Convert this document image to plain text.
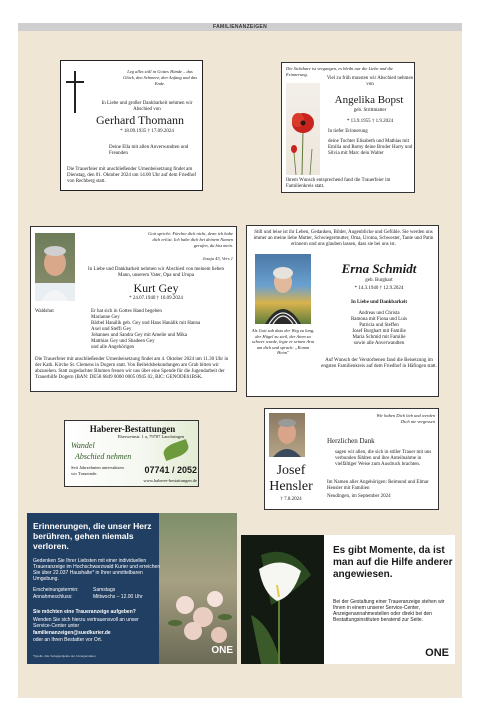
FAMILIENANZEIGEN
Leg alles still in Gottes Hände – das Glück, den Schmerz, den Anfang und das Ende.
In Liebe und großer Dankbarkeit nehmen wir Abschied von
Gerhard Thomann
* 18.09.1935 † 17.09.2024
Deine Ella mit allen Anverwandten und Freunden
Die Trauerfeier mit anschließender Urnenbeisetzung findet am Dienstag, den 01. Oktober 2024 um 14.00 Uhr auf dem Friedhof von Rechberg statt.
Die Sichtbare ist vergangen, es bleibt nur die Liebe und die Erinnerung.
Viel zu früh mussten wir Abschied nehmen von
Angelika Bopst
geb. Strittmatter
* 13.9.1955 † 1.9.2024
In tiefer Erinnerung
deine Tochter Elisabeth und Mathias mit Emilia und Romy deine Bruder Harry und Silvia mit Marc dein Walter
Ihrem Wunsch entsprechend fand die Trauerfeier im Familienkreis statt.
Gott spricht: Fürchte dich nicht, denn ich habe dich erlöst. Ich habe dich bei deinem Namen gerufen, du bist mein.
Jesaja 43, Vers 1
In Liebe und Dankbarkeit nehmen wir Abschied von meinem lieben Mann, unserem Vater, Opa und Uropa
Kurt Gey
* 24.07.1940 † 10.09.2024
Waldshut	Er hat sich in Gottes Hand begeben
Marianne Gey
Bärbel Hanálik geb. Gey und Hans Hanálik mit Hanna
Axel und Steffi Gey
Johannes und Sandra Gey mit Amelie und Mika
Matthias Gey und Shadeen Gey
und alle Angehörigen
Die Trauerfeier mit anschließender Urnenbeisetzung findet am 4. Oktober 2024 um 11.30 Uhr in der Kath. Kirche St. Clemens in Dogern statt. Von Beileidsbekundungen am Grab bitten wir abzusehen. Statt zugedachter Blumen freuen wir uns über eine Spende für die Jugendarbeit der Trauerhilfe Dogern (BAN: DE58 6849 0000 0005 0945 02, BIC: GENODE61BSK.
Still und leise ist ihr Leben, Gedanken, Bilder, Augenblicke und Gefühle. Sie werden uns immer an meine liebe Mutter, Schwiegermutter, Oma, Uroma, Schwester, Tante und Patin erinnern und uns glauben lassen, dass sie bei uns ist.
Als Gott sah dass der Weg zu lang, der Hügel zu steil, der Atem zu schwer wurde, legte er seinen Arm um dich und sprach: „Komm Heim"
Erna Schmidt
geb. Burghart
* 14.3.1940 † 12.9.2024
In Liebe und Dankbarkeit
Andreas und Christa
Ramona mit Fiona und Luis
Patricia und Steffen
Josef Burghart mit Familie
Maria Schmid mit Familie
sowie alle Anverwandten
Auf Wunsch der Verstorbenen fand die Beisetzung im engsten Familienkreis auf dem Friedhof in Häfingen statt.
Haberer-Bestattungen
Eberweinstr. 1 a, 79787 Lauchringen
Wandel
Abschied nehmen
Seit Jahrzehnten unterstützen wir Trauernde.	07741 / 2052
www.haberer-bestattungen.de
Wir haben Dich lieb und werden Dich nie vergessen
Josef
Hensler
† 7.8.2024
Herzlichen Dank
sagen wir allen, die sich in stiller Trauer mit uns verbunden fühlten und ihre Anteilnahme in vielfältiger Weise zum Ausdruck brachten.
Im Namen aller Angehörigen: Reimund und Elmar Hensler mit Familien
Neudingen, im September 2024
Erinnerungen, die unser Herz berühren, gehen niemals verloren.
Gedenken Sie Ihrer Liebsten mit einer individuellen Traueranzeige im Hochschwarzwald Kurier und erreichen Sie über 22.037 Haushalte* in Ihrer unmittelbaren Umgebung.
Erscheinungstermin:	Samstags
Annahmeschluss:	Mittwochs – 12.00 Uhr
Sie möchten eine Traueranzeige aufgeben?
Wenden Sie sich hierzu vertrauensvoll an unser Service-Center unter
familienanzeigen@suedkurier.de
oder an Ihren Bestatter vor Ort.
*Quelle: Alle Verlagsobjekte der Anzeigendaten	ONE
Es gibt Momente, da ist man auf die Hilfe anderer angewiesen.
Bei der Gestaltung einer Traueranzeige stehen wir Ihnen in einem unserer Service-Center, Anzeigenannahmestellen oder direkt bei den Bestattungsinstituten beratend zur Seite.
ONE
